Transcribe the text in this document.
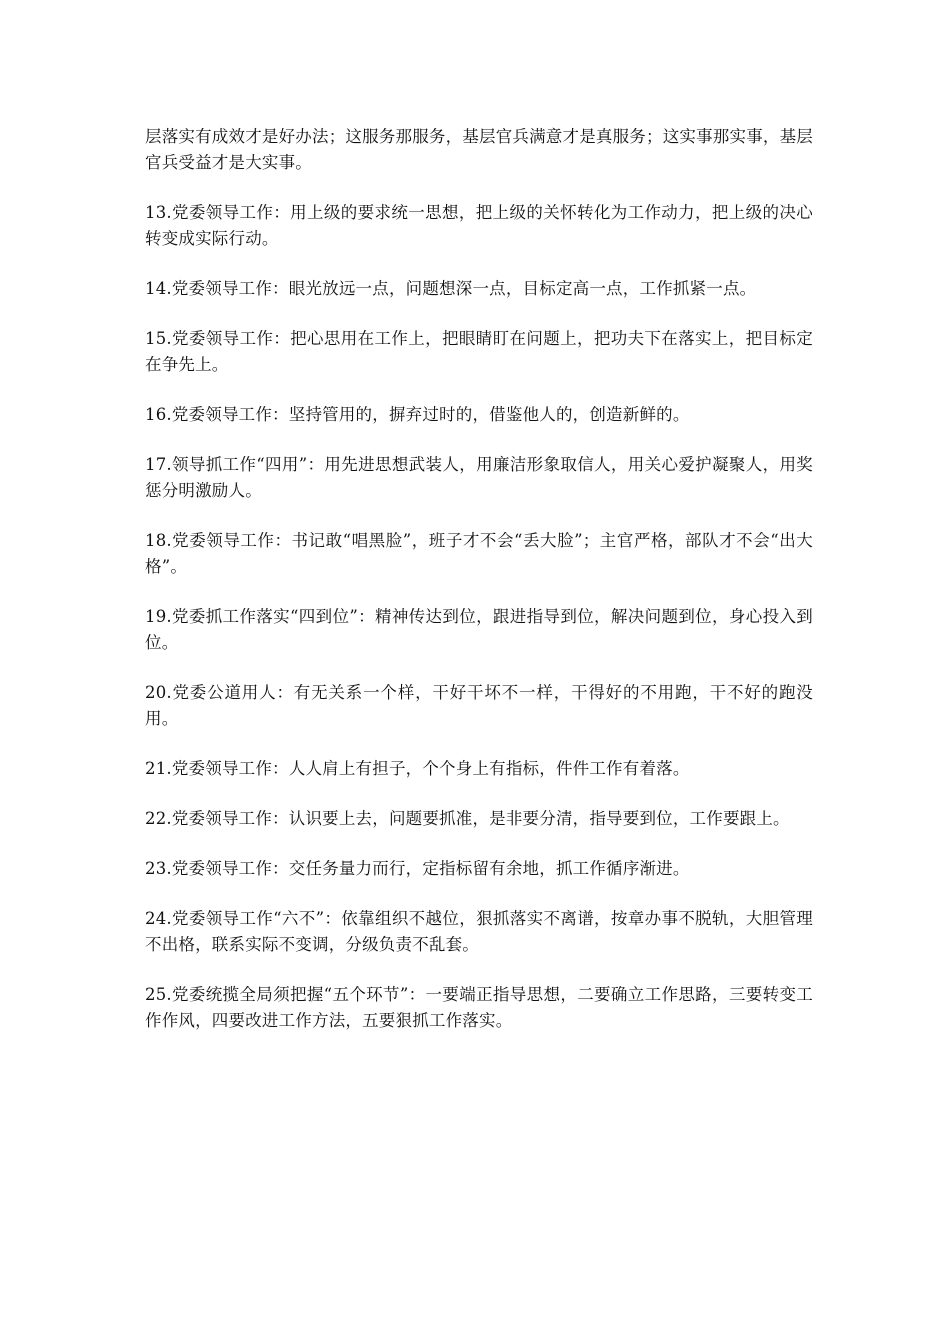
层落实有成效才是好办法；这服务那服务，基层官兵满意才是真服务；这实事那实事，基层官兵受益才是大实事。

13.党委领导工作：用上级的要求统一思想，把上级的关怀转化为工作动力，把上级的决心转变成实际行动。

14.党委领导工作：眼光放远一点，问题想深一点，目标定高一点，工作抓紧一点。

15.党委领导工作：把心思用在工作上，把眼睛盯在问题上，把功夫下在落实上，把目标定在争先上。

16.党委领导工作：坚持管用的，摒弃过时的，借鉴他人的，创造新鲜的。

17.领导抓工作“四用”：用先进思想武装人，用廉洁形象取信人，用关心爱护凝聚人，用奖惩分明激励人。

18.党委领导工作：书记敢“唱黑脸”，班子才不会“丢大脸”；主官严格，部队才不会“出大格”。

19.党委抓工作落实“四到位”：精神传达到位，跟进指导到位，解决问题到位，身心投入到位。

20.党委公道用人：有无关系一个样，干好干坏不一样，干得好的不用跑，干不好的跑没用。

21.党委领导工作：人人肩上有担子，个个身上有指标，件件工作有着落。

22.党委领导工作：认识要上去，问题要抓准，是非要分清，指导要到位，工作要跟上。

23.党委领导工作：交任务量力而行，定指标留有余地，抓工作循序渐进。

24.党委领导工作“六不”：依靠组织不越位，狠抓落实不离谱，按章办事不脱轨，大胆管理不出格，联系实际不变调，分级负责不乱套。

25.党委统揽全局须把握“五个环节”：一要端正指导思想，二要确立工作思路，三要转变工作作风，四要改进工作方法，五要狠抓工作落实。
